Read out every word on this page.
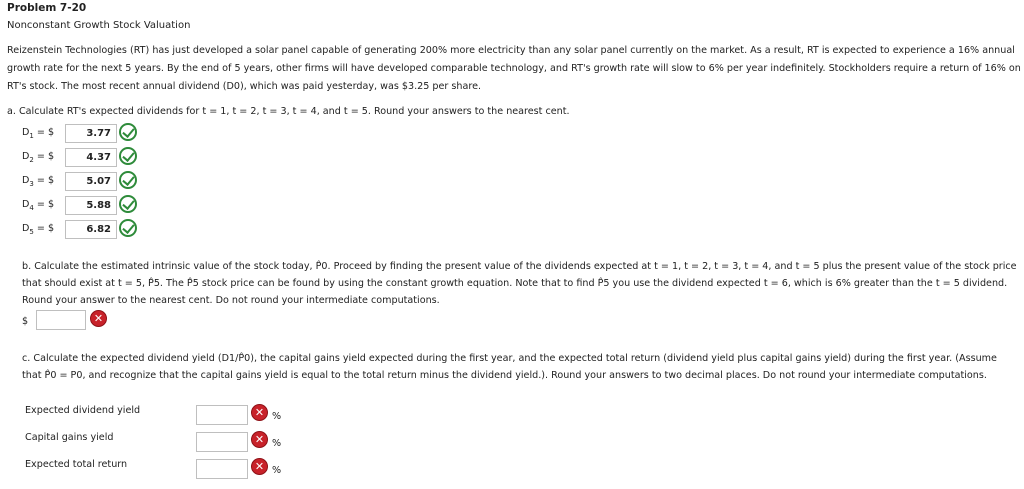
Problem 7-20
Nonconstant Growth Stock Valuation
Reizenstein Technologies (RT) has just developed a solar panel capable of generating 200% more electricity than any solar panel currently on the market. As a result, RT is expected to experience a 16% annual growth rate for the next 5 years. By the end of 5 years, other firms will have developed comparable technology, and RT's growth rate will slow to 6% per year indefinitely. Stockholders require a return of 16% on RT's stock. The most recent annual dividend (D0), which was paid yesterday, was $3.25 per share.
a. Calculate RT's expected dividends for t = 1, t = 2, t = 3, t = 4, and t = 5. Round your answers to the nearest cent.
$D_1$ = $	3.77
$D_2$ = $	4.37
$D_3$ = $	5.07
$D_4$ = $	5.88
$D_5$ = $	6.82
b. Calculate the estimated intrinsic value of the stock today, P̂0. Proceed by finding the present value of the dividends expected at t = 1, t = 2, t = 3, t = 4, and t = 5 plus the present value of the stock price that should exist at t = 5, P̂5. The P̂5 stock price can be found by using the constant growth equation. Note that to find P̂5 you use the dividend expected t = 6, which is 6% greater than the t = 5 dividend. Round your answer to the nearest cent. Do not round your intermediate computations.
$	✕
c. Calculate the expected dividend yield (D1/P̂0), the capital gains yield expected during the first year, and the expected total return (dividend yield plus capital gains yield) during the first year. (Assume that P̂0 = P0, and recognize that the capital gains yield is equal to the total return minus the dividend yield.). Round your answers to two decimal places. Do not round your intermediate computations.
Expected dividend yield	✕ %
Capital gains yield	✕ %
Expected total return	✕ %
